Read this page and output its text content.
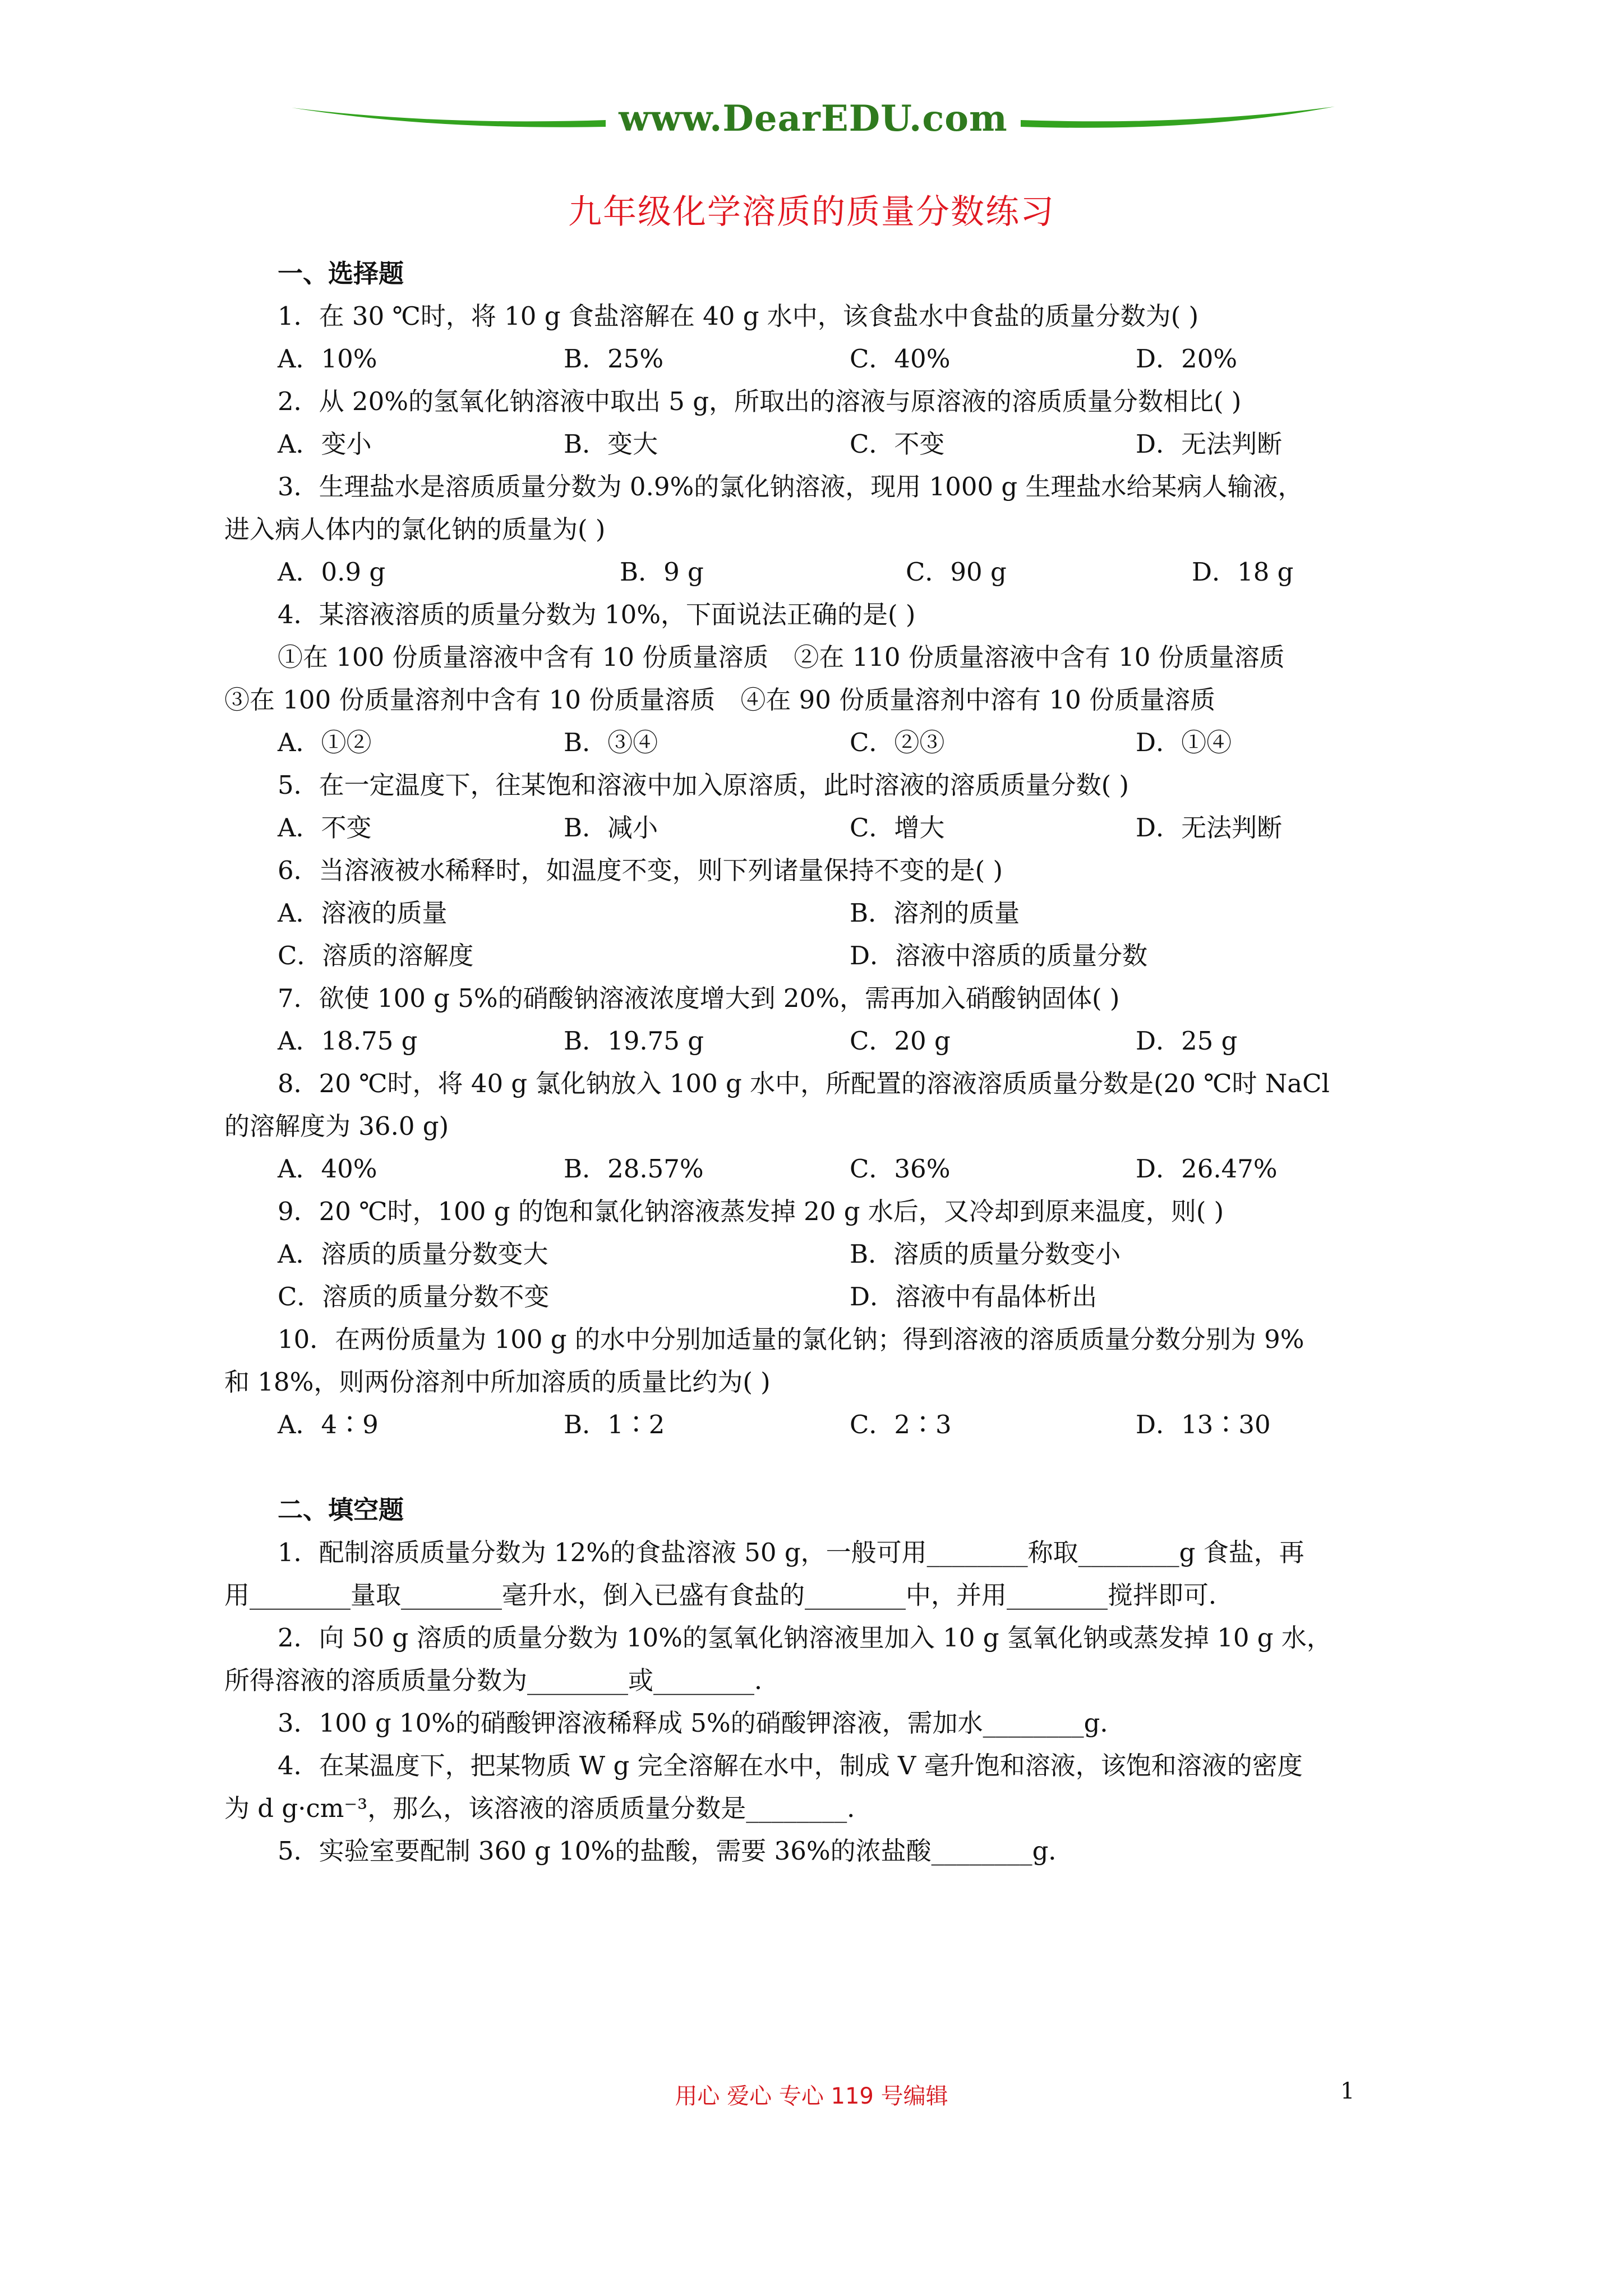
www.DearEDU.com
九年级化学溶质的质量分数练习
一、选择题
1．在 30 ℃时，将 10 g 食盐溶解在 40 g 水中，该食盐水中食盐的质量分数为( )
A．10%	B．25%	C．40%	D．20%
2．从 20%的氢氧化钠溶液中取出 5 g，所取出的溶液与原溶液的溶质质量分数相比( )
A．变小	B．变大	C．不变	D．无法判断
3．生理盐水是溶质质量分数为 0.9%的氯化钠溶液，现用 1000 g 生理盐水给某病人输液，
进入病人体内的氯化钠的质量为( )
A．0.9 g	B．9 g	C．90 g	D．18 g
4．某溶液溶质的质量分数为 10%，下面说法正确的是( )
①在 100 份质量溶液中含有 10 份质量溶质　②在 110 份质量溶液中含有 10 份质量溶质
③在 100 份质量溶剂中含有 10 份质量溶质　④在 90 份质量溶剂中溶有 10 份质量溶质
A．①②	B．③④	C．②③	D．①④
5．在一定温度下，往某饱和溶液中加入原溶质，此时溶液的溶质质量分数( )
A．不变	B．减小	C．增大	D．无法判断
6．当溶液被水稀释时，如温度不变，则下列诸量保持不变的是( )
A．溶液的质量	B．溶剂的质量
C．溶质的溶解度	D．溶液中溶质的质量分数
7．欲使 100 g 5%的硝酸钠溶液浓度增大到 20%，需再加入硝酸钠固体( )
A．18.75 g	B．19.75 g	C．20 g	D．25 g
8．20 ℃时，将 40 g 氯化钠放入 100 g 水中，所配置的溶液溶质质量分数是(20 ℃时 NaCl
的溶解度为 36.0 g)
A．40%	B．28.57%	C．36%	D．26.47%
9．20 ℃时，100 g 的饱和氯化钠溶液蒸发掉 20 g 水后，又冷却到原来温度，则( )
A．溶质的质量分数变大	B．溶质的质量分数变小
C．溶质的质量分数不变	D．溶液中有晶体析出
10．在两份质量为 100 g 的水中分别加适量的氯化钠；得到溶液的溶质质量分数分别为 9%
和 18%，则两份溶剂中所加溶质的质量比约为( )
A．4∶9	B．1∶2	C．2∶3	D．13∶30
二、填空题
1．配制溶质质量分数为 12%的食盐溶液 50 g，一般可用________称取________g 食盐，再
用________量取________毫升水，倒入已盛有食盐的________中，并用________搅拌即可．
2．向 50 g 溶质的质量分数为 10%的氢氧化钠溶液里加入 10 g 氢氧化钠或蒸发掉 10 g 水，
所得溶液的溶质质量分数为________或________．
3．100 g 10%的硝酸钾溶液稀释成 5%的硝酸钾溶液，需加水________g．
4．在某温度下，把某物质 W g 完全溶解在水中，制成 V 毫升饱和溶液，该饱和溶液的密度
为 d g·cm⁻³，那么，该溶液的溶质质量分数是________．
5．实验室要配制 360 g 10%的盐酸，需要 36%的浓盐酸________g．
用心 爱心 专心 119 号编辑	1
